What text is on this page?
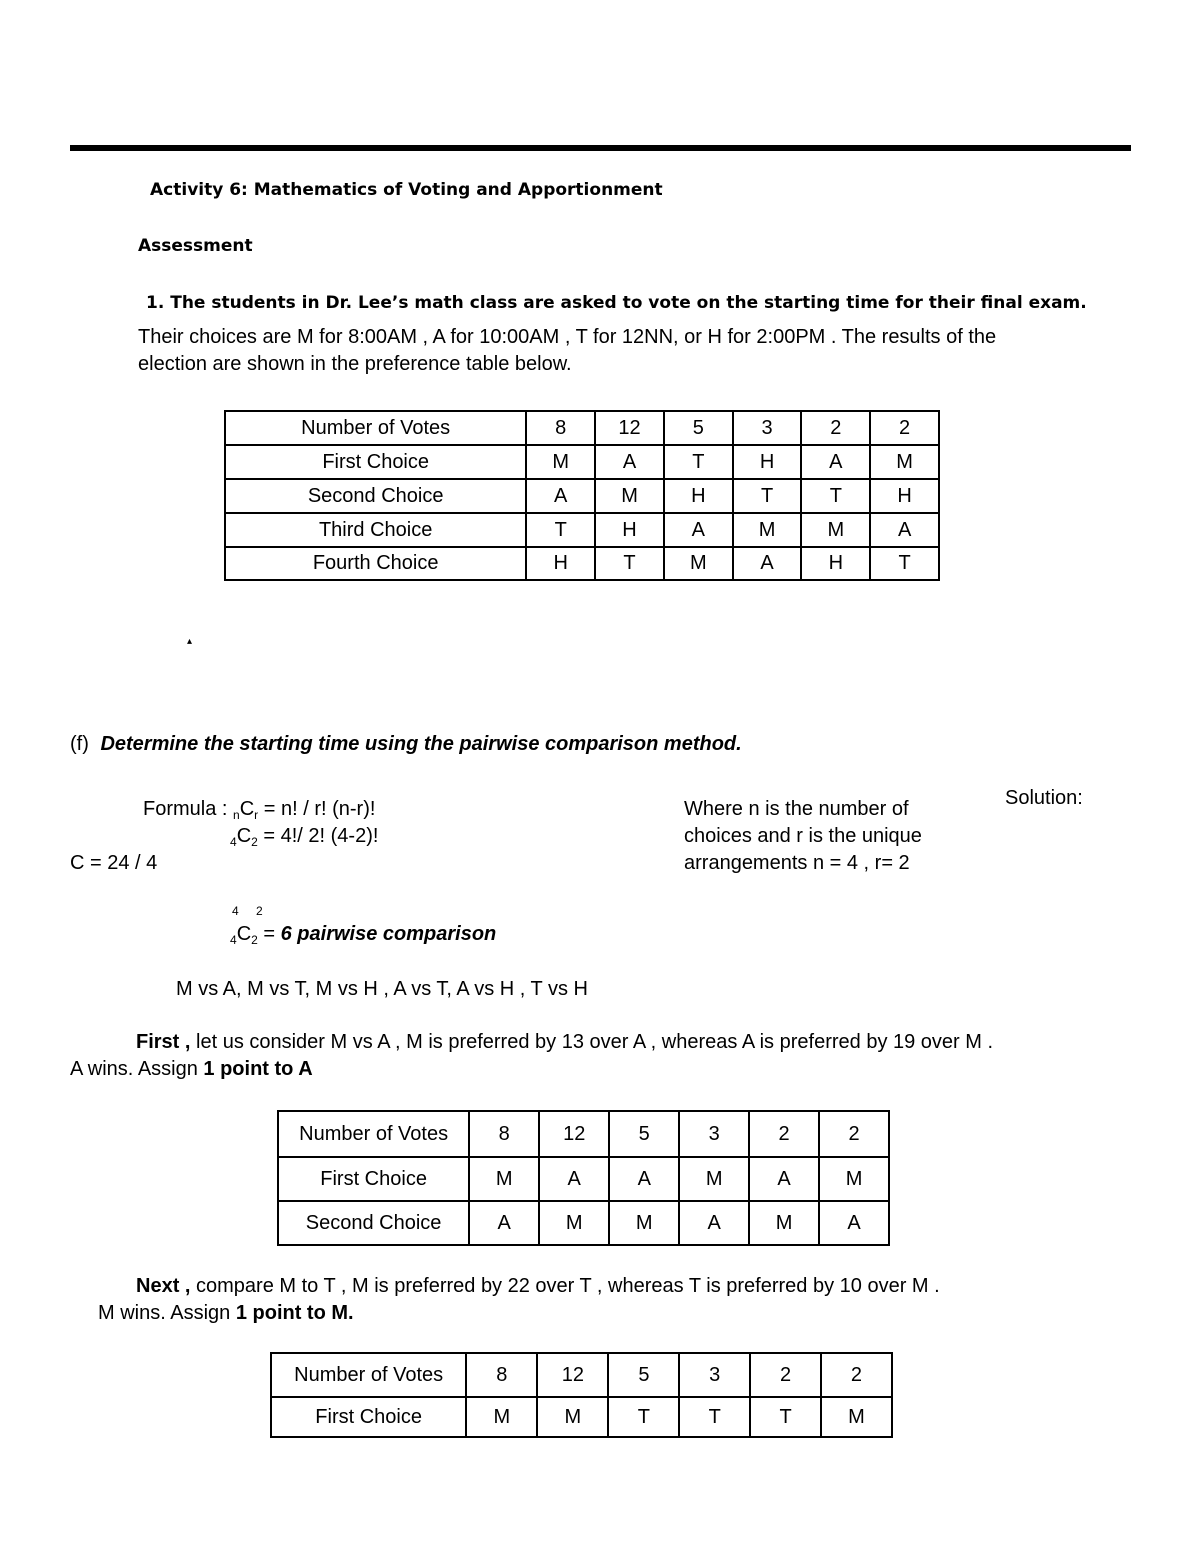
Activity 6: Mathematics of Voting and Apportionment
Assessment
1. The students in Dr. Lee’s math class are asked to vote on the starting time for their final exam.
Their choices are M for 8:00AM , A for 10:00AM , T for 12NN, or H for 2:00PM . The results of the
election are shown in the preference table below.
Number of Votes	8	12	5	3	2	2
First Choice	M	A	T	H	A	M
Second Choice	A	M	H	T	T	H
Third Choice	T	H	A	M	M	A
Fourth Choice	H	T	M	A	H	T
▴
(f) Determine the starting time using the pairwise comparison method.
Formula : $_nC_r = n$! / r! (n-r)!
$_4C_2 = 4!/$ 2! (4-2)!
C = 24 / 4
4 2
$_4C_2 = 6$ pairwise comparison
Where n is the number of
choices and r is the unique
arrangements n = 4 , r= 2
Solution:
M vs A, M vs T, M vs H , A vs T, A vs H , T vs H
First , let us consider M vs A , M is preferred by 13 over A , whereas A is preferred by 19 over M .
A wins. Assign 1 point to A
Number of Votes	8	12	5	3	2	2
First Choice	M	A	A	M	A	M
Second Choice	A	M	M	A	M	A
Next , compare M to T , M is preferred by 22 over T , whereas T is preferred by 10 over M .
M wins. Assign 1 point to M.
Number of Votes	8	12	5	3	2	2
First Choice	M	M	T	T	T	M
